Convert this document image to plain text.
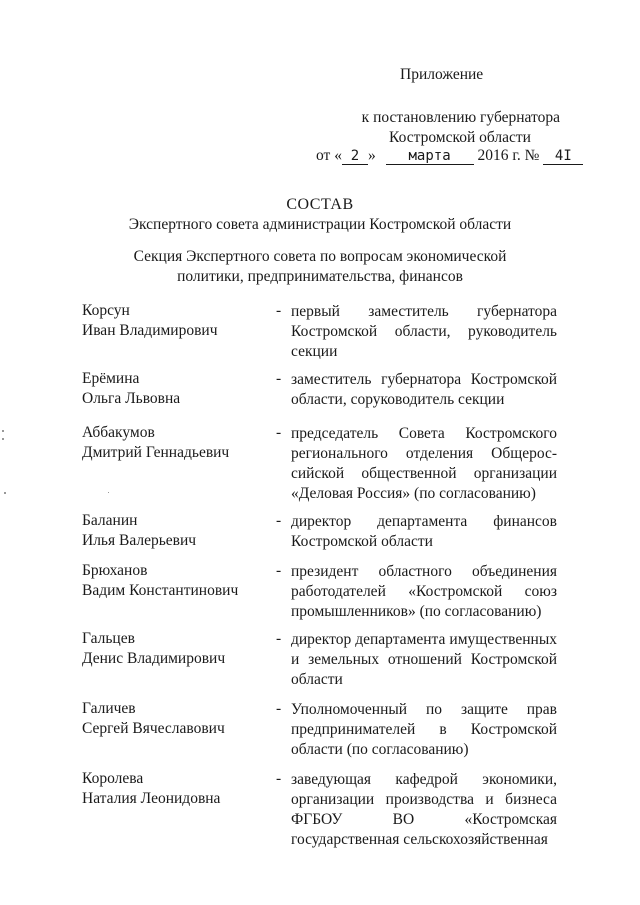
Приложение
к постановлению губернатора
Костромской области
от « 2 » марта 2016 г. № 4I
СОСТАВ
Экспертного совета администрации Костромской области
Секция Экспертного совета по вопросам экономической
политики, предпринимательства, финансов
Корсун
Иван Владимирович
- первый заместитель губернатора Костромской области, руководитель секции
Ерёмина
Ольга Львовна
- заместитель губернатора Костромской области, соруководитель секции
Аббакумов
Дмитрий Геннадьевич
- председатель Совета Костромского регионального отделения Общерос-сийской общественной организации «Деловая Россия» (по согласованию)
Баланин
Илья Валерьевич
- директор департамента финансов Костромской области
Брюханов
Вадим Константинович
- президент областного объединения работодателей «Костромской союз промышленников» (по согласованию)
Гальцев
Денис Владимирович
- директор департамента имущественных и земельных отношений Костромской области
Галичев
Сергей Вячеславович
- Уполномоченный по защите прав предпринимателей в Костромской области (по согласованию)
Королева
Наталия Леонидовна
- заведующая кафедрой экономики, организации производства и бизнеса ФГБОУ ВО «Костромская государственная сельскохозяйственная
